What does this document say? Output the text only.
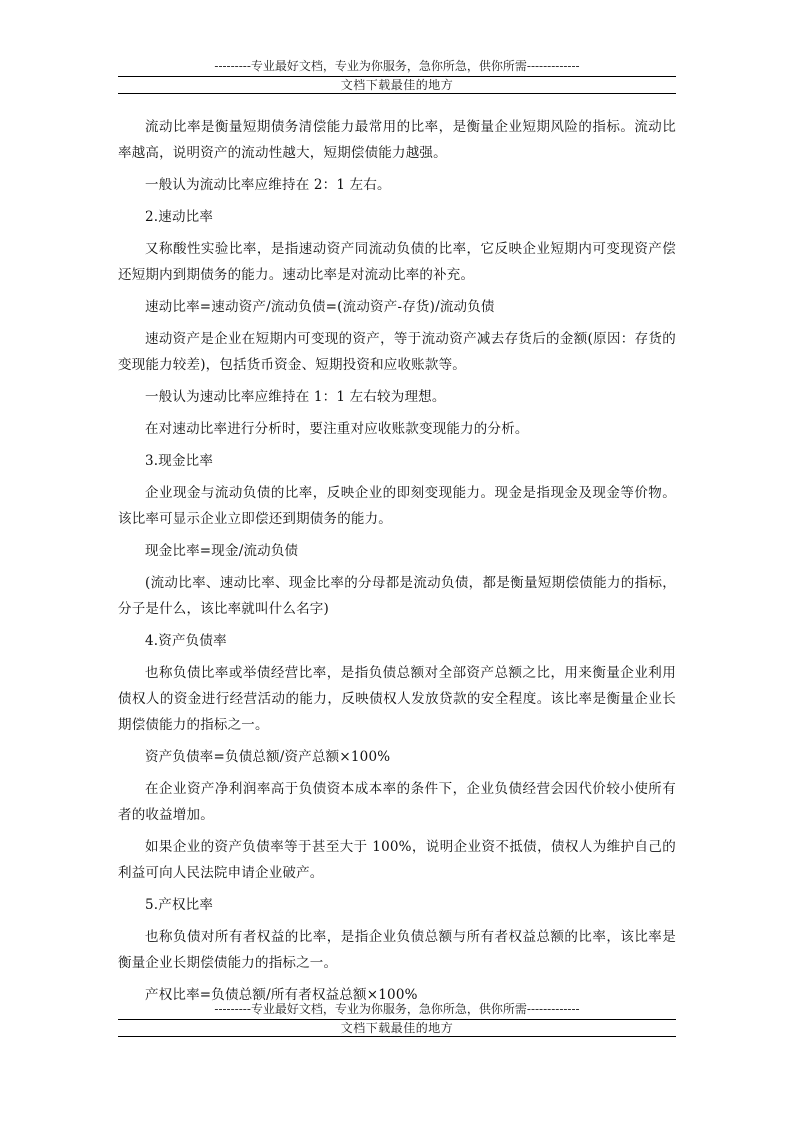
---------专业最好文档，专业为你服务，急你所急，供你所需-------------
文档下载最佳的地方

流动比率是衡量短期债务清偿能力最常用的比率，是衡量企业短期风险的指标。流动比率越高，说明资产的流动性越大，短期偿债能力越强。

一般认为流动比率应维持在 2：1 左右。

2.速动比率

又称酸性实验比率，是指速动资产同流动负债的比率，它反映企业短期内可变现资产偿还短期内到期债务的能力。速动比率是对流动比率的补充。

速动比率=速动资产/流动负债=(流动资产-存货)/流动负债

速动资产是企业在短期内可变现的资产，等于流动资产减去存货后的金额(原因：存货的变现能力较差)，包括货币资金、短期投资和应收账款等。

一般认为速动比率应维持在 1：1 左右较为理想。

在对速动比率进行分析时，要注重对应收账款变现能力的分析。

3.现金比率

企业现金与流动负债的比率，反映企业的即刻变现能力。现金是指现金及现金等价物。该比率可显示企业立即偿还到期债务的能力。

现金比率=现金/流动负债

(流动比率、速动比率、现金比率的分母都是流动负债，都是衡量短期偿债能力的指标，分子是什么，该比率就叫什么名字)

4.资产负债率

也称负债比率或举债经营比率，是指负债总额对全部资产总额之比，用来衡量企业利用债权人的资金进行经营活动的能力，反映债权人发放贷款的安全程度。该比率是衡量企业长期偿债能力的指标之一。

资产负债率=负债总额/资产总额×100%

在企业资产净利润率高于负债资本成本率的条件下，企业负债经营会因代价较小使所有者的收益增加。

如果企业的资产负债率等于甚至大于 100%，说明企业资不抵债，债权人为维护自己的利益可向人民法院申请企业破产。

5.产权比率

也称负债对所有者权益的比率，是指企业负债总额与所有者权益总额的比率，该比率是衡量企业长期偿债能力的指标之一。

产权比率=负债总额/所有者权益总额×100%

---------专业最好文档，专业为你服务，急你所急，供你所需-------------
文档下载最佳的地方
